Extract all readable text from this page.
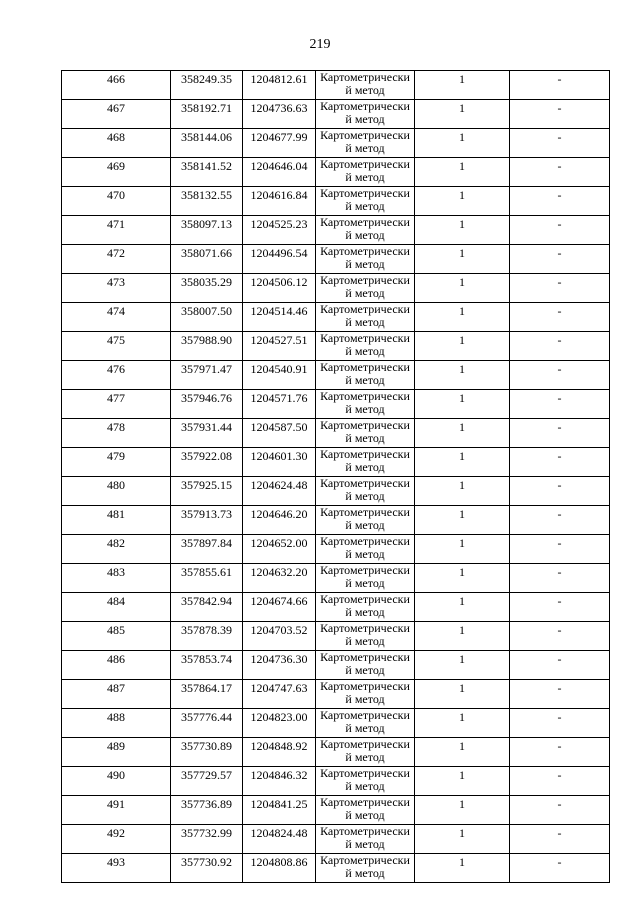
219
466	358249.35	1204812.61	Картометрически й метод	1	-
467	358192.71	1204736.63	Картометрически й метод	1	-
468	358144.06	1204677.99	Картометрически й метод	1	-
469	358141.52	1204646.04	Картометрически й метод	1	-
470	358132.55	1204616.84	Картометрически й метод	1	-
471	358097.13	1204525.23	Картометрически й метод	1	-
472	358071.66	1204496.54	Картометрически й метод	1	-
473	358035.29	1204506.12	Картометрически й метод	1	-
474	358007.50	1204514.46	Картометрически й метод	1	-
475	357988.90	1204527.51	Картометрически й метод	1	-
476	357971.47	1204540.91	Картометрически й метод	1	-
477	357946.76	1204571.76	Картометрически й метод	1	-
478	357931.44	1204587.50	Картометрически й метод	1	-
479	357922.08	1204601.30	Картометрически й метод	1	-
480	357925.15	1204624.48	Картометрически й метод	1	-
481	357913.73	1204646.20	Картометрически й метод	1	-
482	357897.84	1204652.00	Картометрически й метод	1	-
483	357855.61	1204632.20	Картометрически й метод	1	-
484	357842.94	1204674.66	Картометрически й метод	1	-
485	357878.39	1204703.52	Картометрически й метод	1	-
486	357853.74	1204736.30	Картометрически й метод	1	-
487	357864.17	1204747.63	Картометрически й метод	1	-
488	357776.44	1204823.00	Картометрически й метод	1	-
489	357730.89	1204848.92	Картометрически й метод	1	-
490	357729.57	1204846.32	Картометрически й метод	1	-
491	357736.89	1204841.25	Картометрически й метод	1	-
492	357732.99	1204824.48	Картометрически й метод	1	-
493	357730.92	1204808.86	Картометрически й метод	1	-
